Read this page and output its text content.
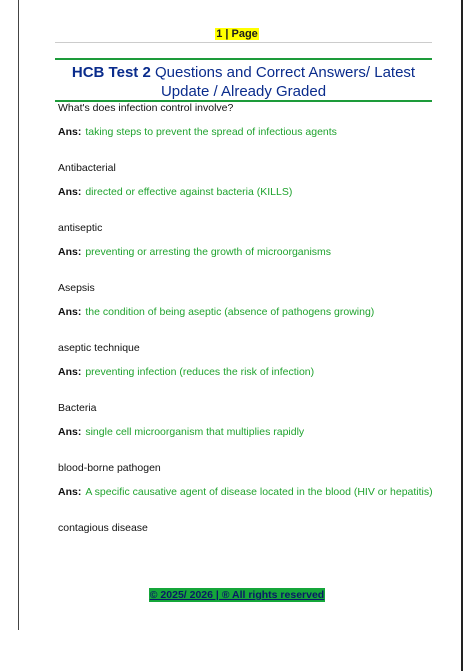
1 | Page
HCB Test 2 Questions and Correct Answers/ Latest Update / Already Graded
What's does infection control involve?
Ans: taking steps to prevent the spread of infectious agents
Antibacterial
Ans: directed or effective against bacteria (KILLS)
antiseptic
Ans: preventing or arresting the growth of microorganisms
Asepsis
Ans: the condition of being aseptic (absence of pathogens growing)
aseptic technique
Ans: preventing infection (reduces the risk of infection)
Bacteria
Ans: single cell microorganism that multiplies rapidly
blood-borne pathogen
Ans: A specific causative agent of disease located in the blood (HIV or hepatitis)
contagious disease
© 2025/ 2026 | ® All rights reserved
